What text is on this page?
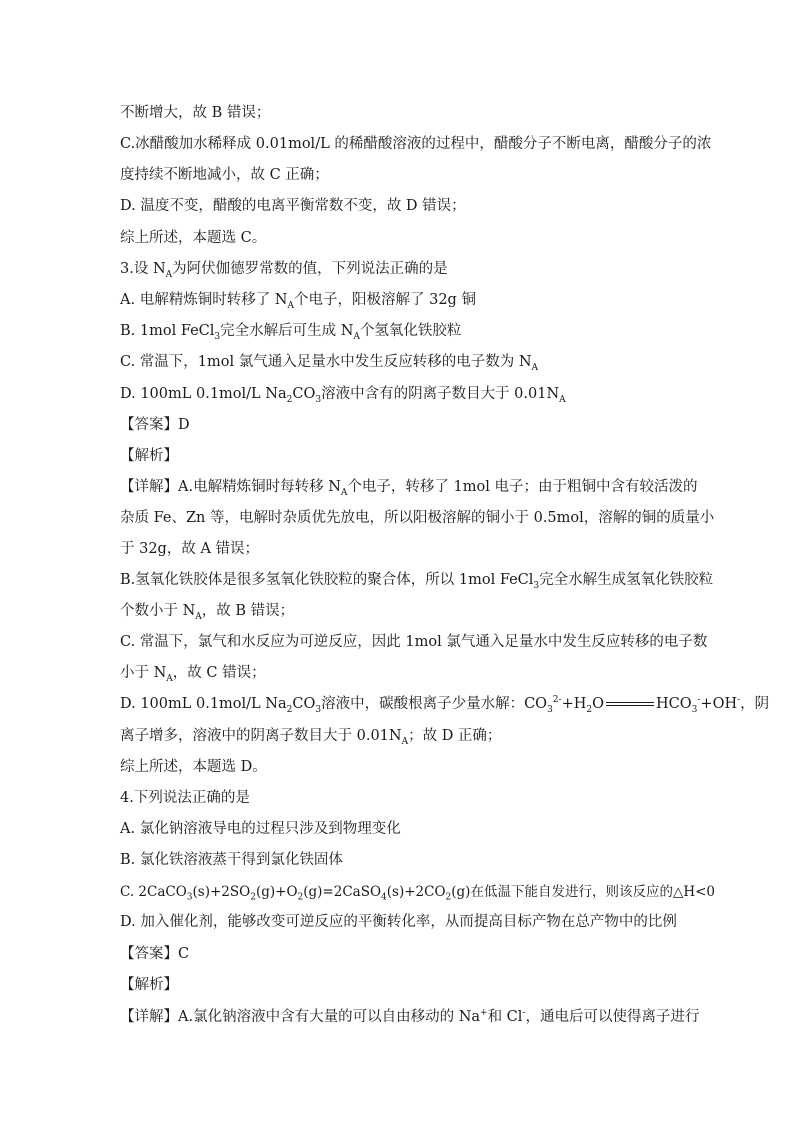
不断增大，故 B 错误；
C.冰醋酸加水稀释成 0.01mol/L 的稀醋酸溶液的过程中，醋酸分子不断电离，醋酸分子的浓
度持续不断地减小，故 C 正确；
D. 温度不变，醋酸的电离平衡常数不变，故 D 错误；
综上所述，本题选 C。
3.设 $N_A$为阿伏伽德罗常数的值，下列说法正确的是
A. 电解精炼铜时转移了 $N_A$个电子，阳极溶解了 32g 铜
B. 1mol FeCl$_3$完全水解后可生成 $N_A$个氢氧化铁胶粒
C. 常温下，1mol 氯气通入足量水中发生反应转移的电子数为 $N_A$
D. 100mL 0.1mol/L $Na_2CO_3$溶液中含有的阴离子数目大于 $0.01N_A$
【答案】D
【解析】
【详解】A.电解精炼铜时每转移 $N_A$个电子，转移了 1mol 电子；由于粗铜中含有较活泼的
杂质 Fe、Zn 等，电解时杂质优先放电，所以阳极溶解的铜小于 0.5mol，溶解的铜的质量小
于 32g，故 A 错误；
B.氢氧化铁胶体是很多氢氧化铁胶粒的聚合体，所以 1mol FeCl$_3$完全水解生成氢氧化铁胶粒
个数小于 $N_A$，故 B 错误；
C. 常温下，氯气和水反应为可逆反应，因此 1mol 氯气通入足量水中发生反应转移的电子数
小于 $N_A$，故 C 错误；
D. 100mL 0.1mol/L $Na_2CO_3$溶液中，碳酸根离子少量水解：$CO_3^{2-}+H_2O$	$HCO_3^-+OH^-$，阴
离子增多，溶液中的阴离子数目大于 $0.01N_A$；故 D 正确；
综上所述，本题选 D。
4.下列说法正确的是
A. 氯化钠溶液导电的过程只涉及到物理变化
B. 氯化铁溶液蒸干得到氯化铁固体
C. $2CaCO_3(s)+2SO_2(g)+O_2(g)=2CaSO_4(s)+2CO_2(g)$在低温下能自发进行，则该反应的△H<0
D. 加入催化剂，能够改变可逆反应的平衡转化率，从而提高目标产物在总产物中的比例
【答案】C
【解析】
【详解】A.氯化钠溶液中含有大量的可以自由移动的 Na+和 Cl-，通电后可以使得离子进行
